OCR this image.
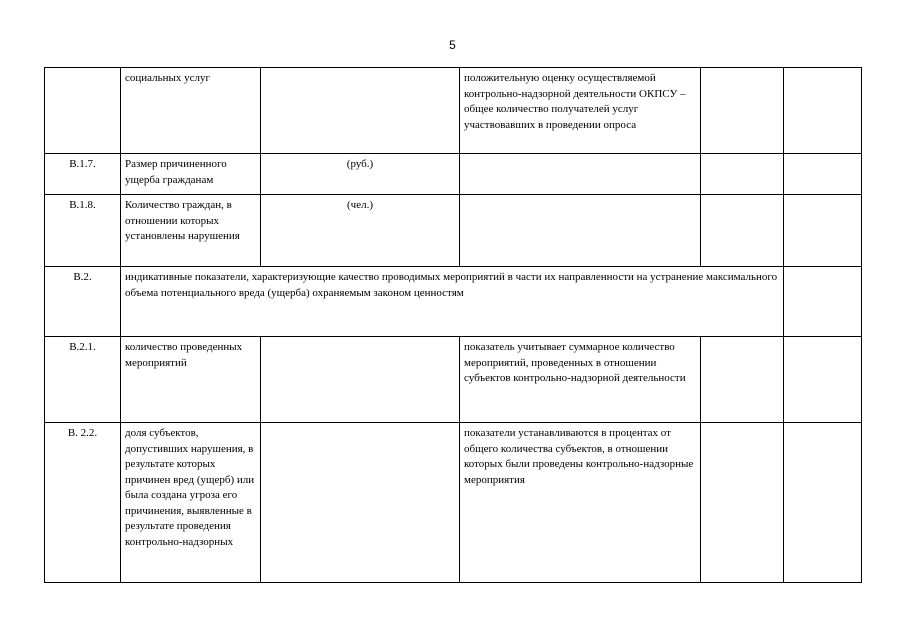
5
	социальных услуг		положительную оценку осуществляемой контрольно-надзорной деятельности ОКПСУ – общее количество получателей услуг участвовавших в проведении опроса		
В.1.7.	Размер причиненного ущерба гражданам	(руб.)			
В.1.8.	Количество граждан, в отношении которых установлены нарушения	(чел.)			
В.2.	индикативные показатели, характеризующие качество проводимых мероприятий в части их направленности на устранение максимального объема потенциального вреда (ущерба) охраняемым законом ценностям				
В.2.1.	количество проведенных мероприятий		показатель учитывает суммарное количество мероприятий, проведенных в отношении субъектов контрольно-надзорной деятельности		
В. 2.2.	доля субъектов, допустивших нарушения, в результате которых причинен вред (ущерб) или была создана угроза его причинения, выявленные в результате проведения контрольно-надзорных		показатели устанавливаются в процентах от общего количества субъектов, в отношении которых были проведены контрольно-надзорные мероприятия		
